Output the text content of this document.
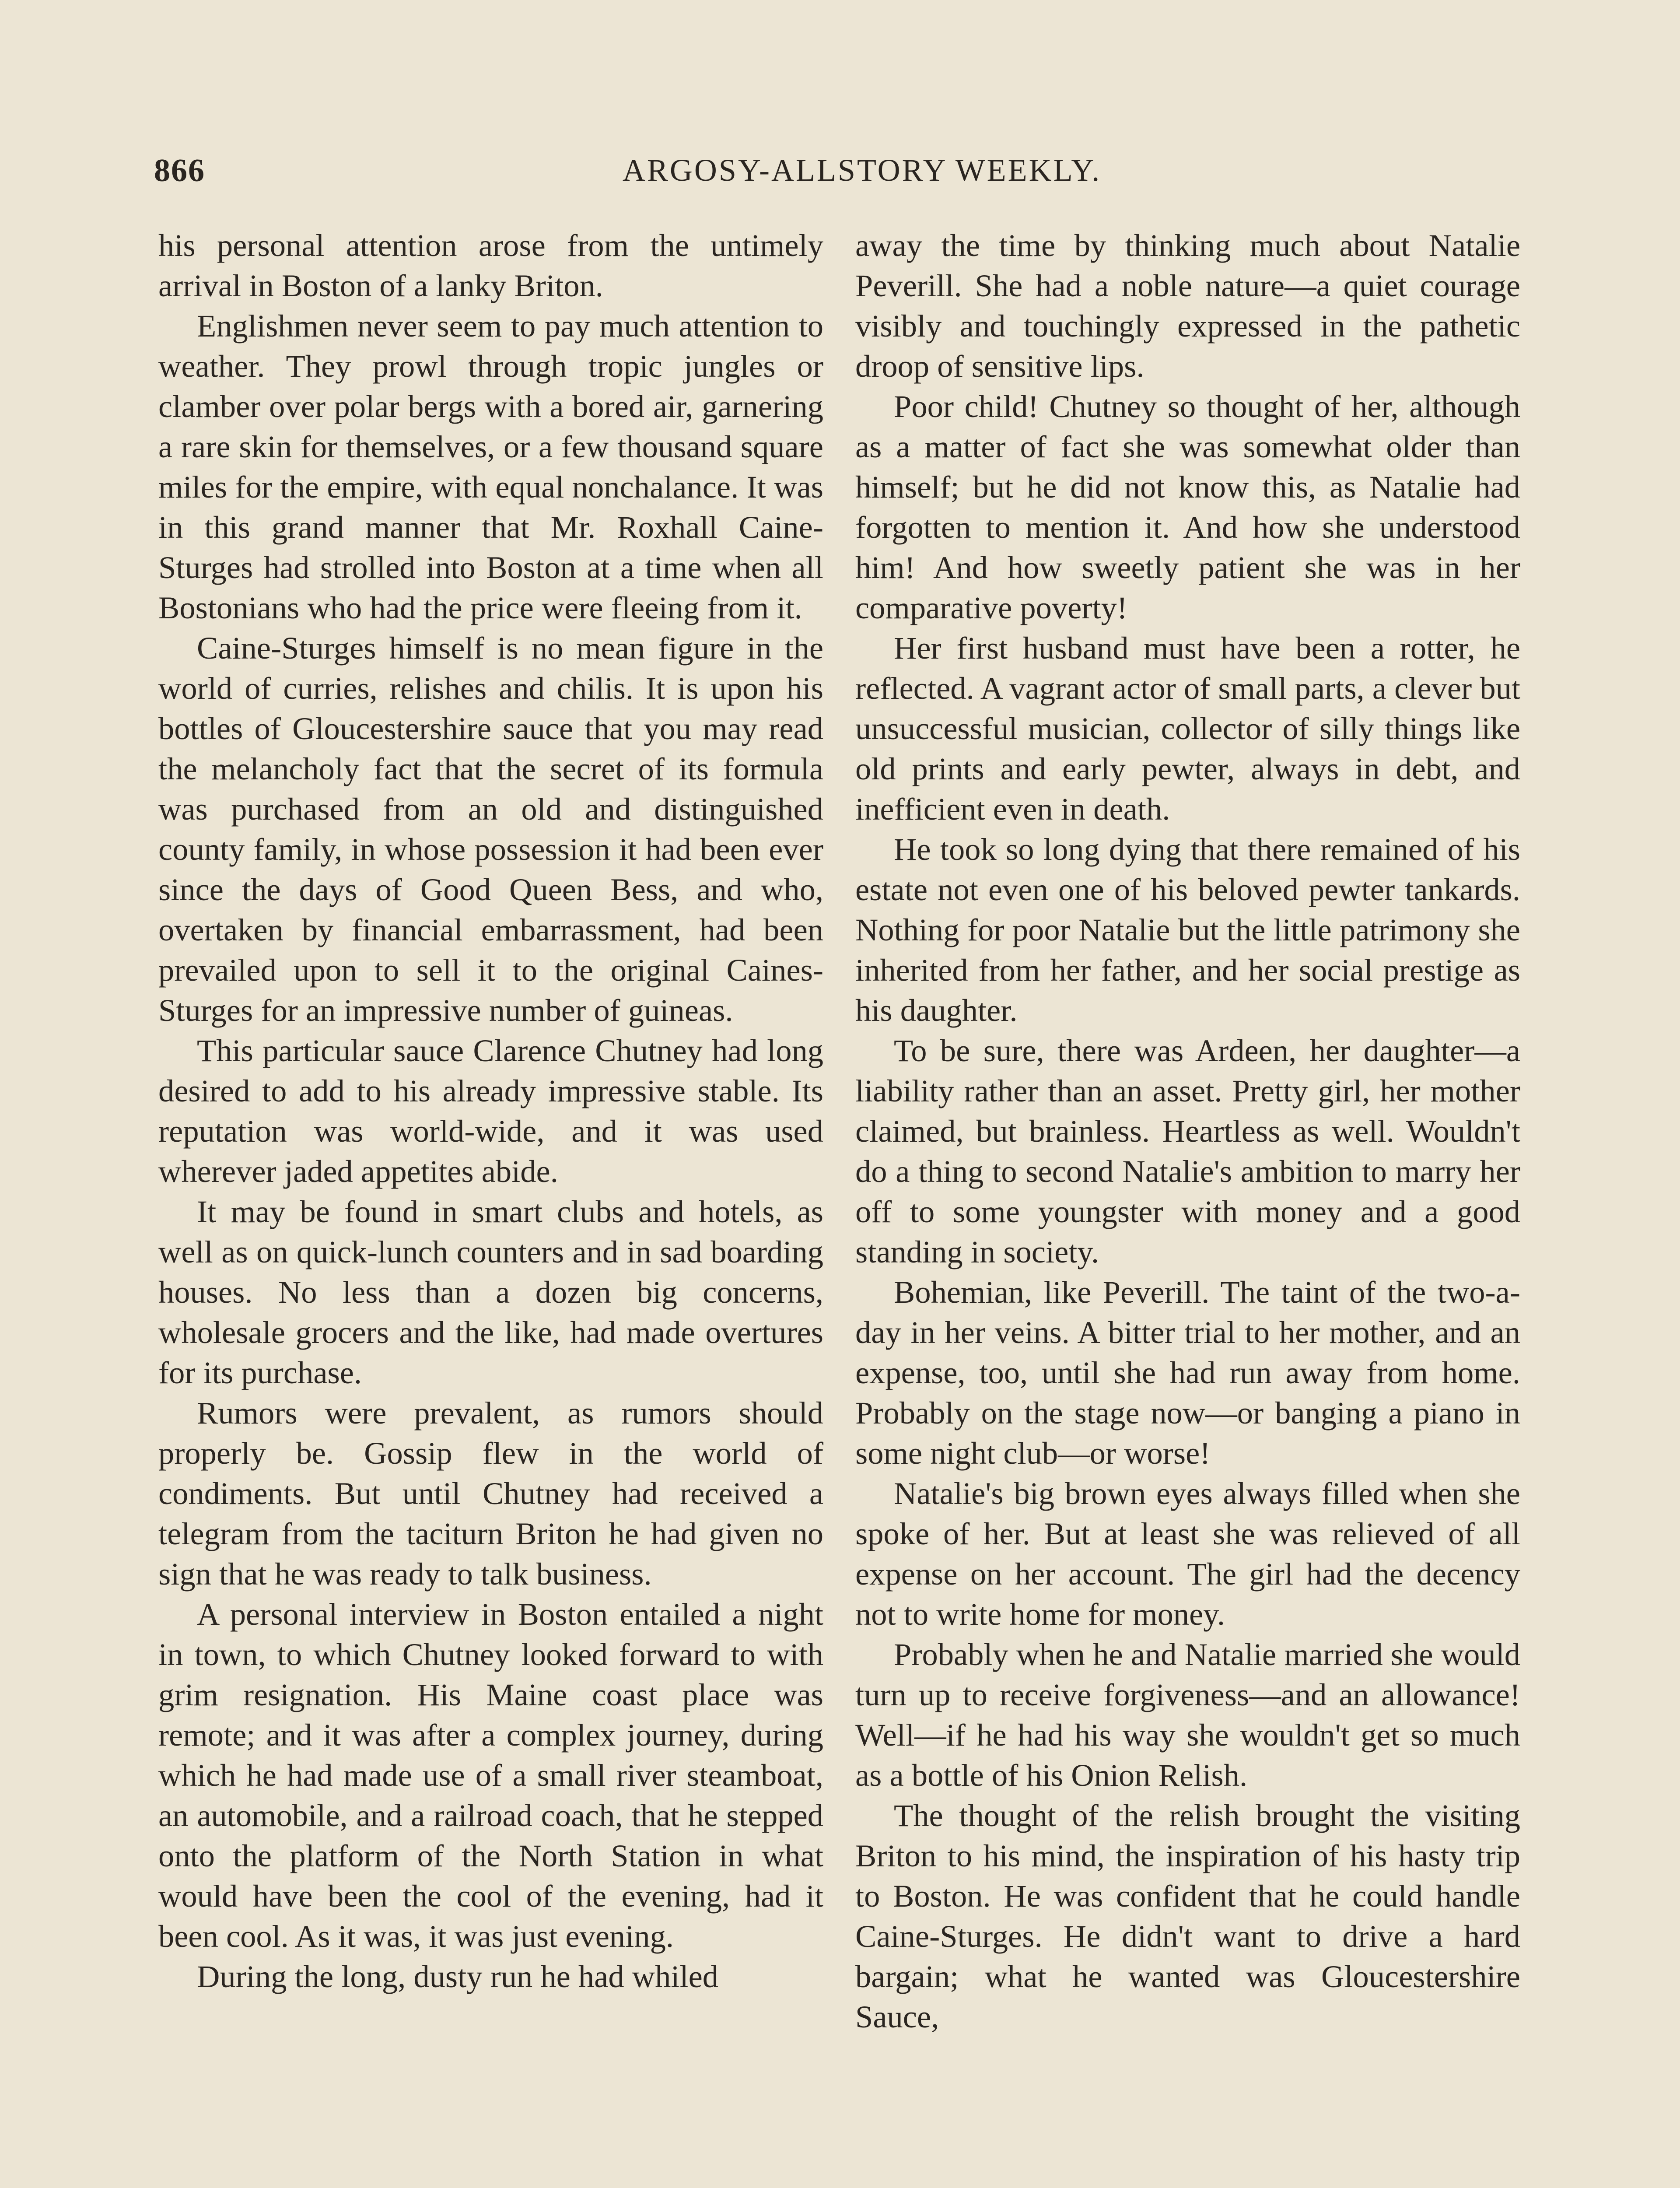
866	ARGOSY-ALLSTORY WEEKLY.

his personal attention arose from the untimely arrival in Boston of a lanky Briton.

Englishmen never seem to pay much attention to weather. They prowl through tropic jungles or clamber over polar bergs with a bored air, garnering a rare skin for themselves, or a few thousand square miles for the empire, with equal nonchalance. It was in this grand manner that Mr. Roxhall Caine-Sturges had strolled into Boston at a time when all Bostonians who had the price were fleeing from it.

Caine-Sturges himself is no mean figure in the world of curries, relishes and chilis. It is upon his bottles of Gloucestershire sauce that you may read the melancholy fact that the secret of its formula was purchased from an old and distinguished county family, in whose possession it had been ever since the days of Good Queen Bess, and who, overtaken by financial embarrassment, had been prevailed upon to sell it to the original Caines-Sturges for an impressive number of guineas.

This particular sauce Clarence Chutney had long desired to add to his already impressive stable. Its reputation was world-wide, and it was used wherever jaded appetites abide.

It may be found in smart clubs and hotels, as well as on quick-lunch counters and in sad boarding houses. No less than a dozen big concerns, wholesale grocers and the like, had made overtures for its purchase.

Rumors were prevalent, as rumors should properly be. Gossip flew in the world of condiments. But until Chutney had received a telegram from the taciturn Briton he had given no sign that he was ready to talk business.

A personal interview in Boston entailed a night in town, to which Chutney looked forward to with grim resignation. His Maine coast place was remote; and it was after a complex journey, during which he had made use of a small river steamboat, an automobile, and a railroad coach, that he stepped onto the platform of the North Station in what would have been the cool of the evening, had it been cool. As it was, it was just evening.

During the long, dusty run he had whiled

away the time by thinking much about Natalie Peverill. She had a noble nature—a quiet courage visibly and touchingly expressed in the pathetic droop of sensitive lips.

Poor child! Chutney so thought of her, although as a matter of fact she was somewhat older than himself; but he did not know this, as Natalie had forgotten to mention it. And how she understood him! And how sweetly patient she was in her comparative poverty!

Her first husband must have been a rotter, he reflected. A vagrant actor of small parts, a clever but unsuccessful musician, collector of silly things like old prints and early pewter, always in debt, and inefficient even in death.

He took so long dying that there remained of his estate not even one of his beloved pewter tankards. Nothing for poor Natalie but the little patrimony she inherited from her father, and her social prestige as his daughter.

To be sure, there was Ardeen, her daughter—a liability rather than an asset. Pretty girl, her mother claimed, but brainless. Heartless as well. Wouldn't do a thing to second Natalie's ambition to marry her off to some youngster with money and a good standing in society.

Bohemian, like Peverill. The taint of the two-a-day in her veins. A bitter trial to her mother, and an expense, too, until she had run away from home. Probably on the stage now—or banging a piano in some night club—or worse!

Natalie's big brown eyes always filled when she spoke of her. But at least she was relieved of all expense on her account. The girl had the decency not to write home for money.

Probably when he and Natalie married she would turn up to receive forgiveness—and an allowance! Well—if he had his way she wouldn't get so much as a bottle of his Onion Relish.

The thought of the relish brought the visiting Briton to his mind, the inspiration of his hasty trip to Boston. He was confident that he could handle Caine-Sturges. He didn't want to drive a hard bargain; what he wanted was Gloucestershire Sauce,
